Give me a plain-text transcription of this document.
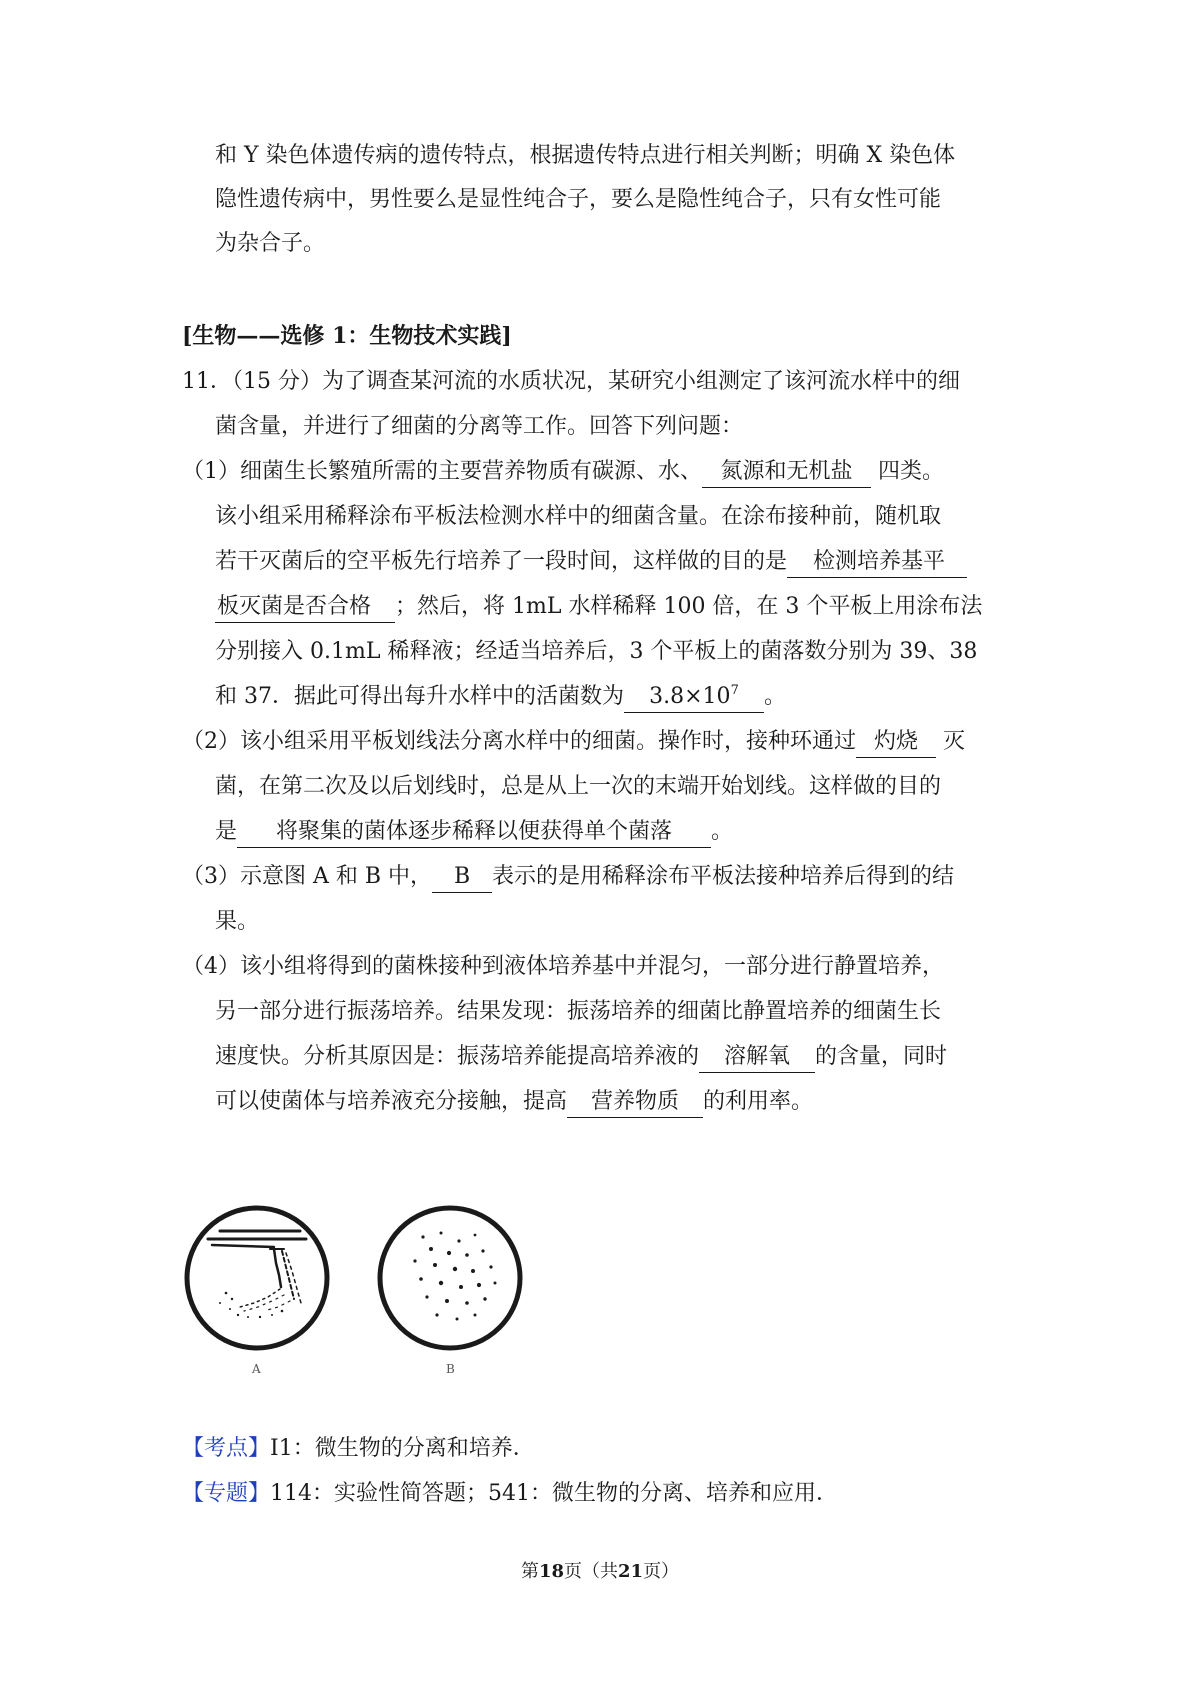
和 Y 染色体遗传病的遗传特点，根据遗传特点进行相关判断；明确 X 染色体
隐性遗传病中，男性要么是显性纯合子，要么是隐性纯合子，只有女性可能
为杂合子。
[生物——选修 1：生物技术实践]
11．（15 分）为了调查某河流的水质状况，某研究小组测定了该河流水样中的细
菌含量，并进行了细菌的分离等工作。回答下列问题：
（1）细菌生长繁殖所需的主要营养物质有碳源、水、 氮源和无机盐 四类。
该小组采用稀释涂布平板法检测水样中的细菌含量。在涂布接种前，随机取
若干灭菌后的空平板先行培养了一段时间，这样做的目的是 检测培养基平
板灭菌是否合格 ；然后，将 1mL 水样稀释 100 倍，在 3 个平板上用涂布法
分别接入 0.1mL 稀释液；经适当培养后，3 个平板上的菌落数分别为 39、38
和 37．据此可得出每升水样中的活菌数为 $3.8\times 10^7$ 。
（2）该小组采用平板划线法分离水样中的细菌。操作时，接种环通过 灼烧 灭
菌，在第二次及以后划线时，总是从上一次的末端开始划线。这样做的目的
是 将聚集的菌体逐步稀释以便获得单个菌落 。
（3）示意图 A 和 B 中， B 表示的是用稀释涂布平板法接种培养后得到的结
果。
（4）该小组将得到的菌株接种到液体培养基中并混匀，一部分进行静置培养，
另一部分进行振荡培养。结果发现：振荡培养的细菌比静置培养的细菌生长
速度快。分析其原因是：振荡培养能提高培养液的 溶解氧 的含量，同时
可以使菌体与培养液充分接触，提高 营养物质 的利用率。
A	B
【考点】I1：微生物的分离和培养．
【专题】114：实验性简答题；541：微生物的分离、培养和应用．
第18页（共21页）
